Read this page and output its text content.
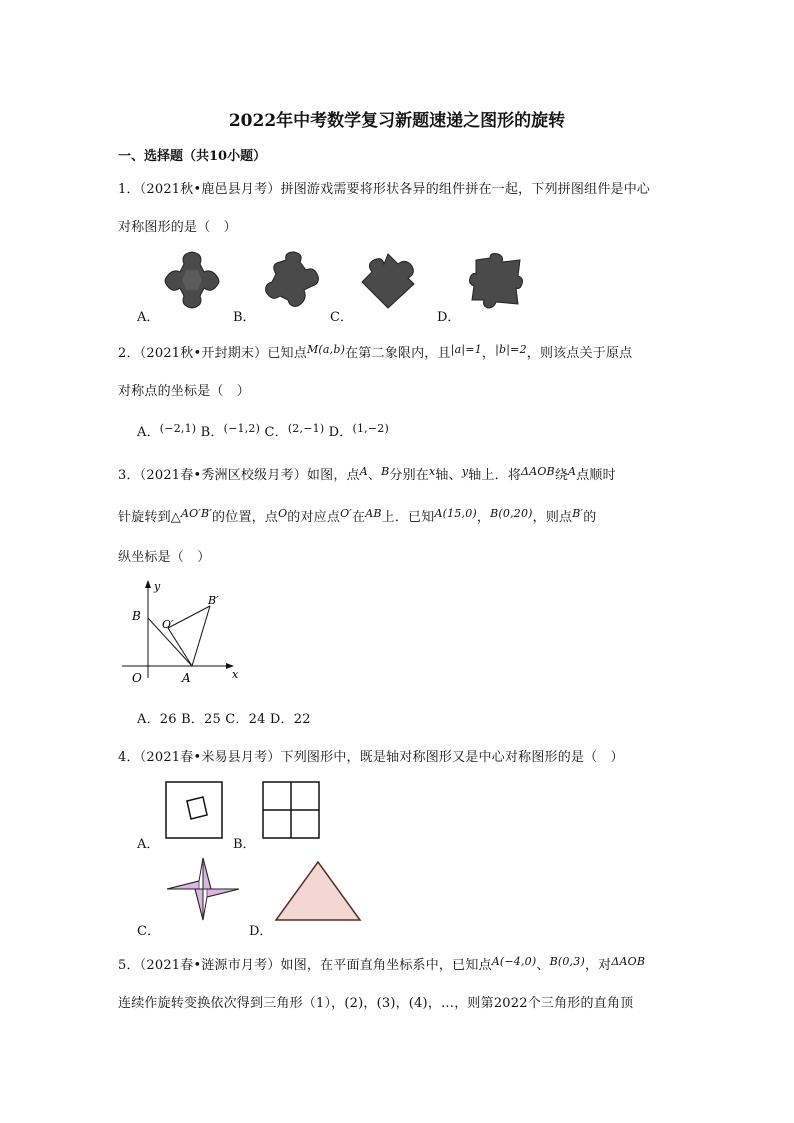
2022年中考数学复习新题速递之图形的旋转
一、选择题（共10小题）
1．（2021秋•鹿邑县月考）拼图游戏需要将形状各异的组件拼在一起，下列拼图组件是中心
对称图形的是（　）
A．	B．	C．	D．
2．（2021秋•开封期末）已知点$^{M(a,b)}$在第二象限内，且$^{|a|=1}$，$^{|b|=2}$，则该点关于原点
对称点的坐标是（　）
A．$^{(-2,1)}$ B．$^{(-1,2)}$ C．$^{(2,-1)}$ D．$^{(1,-2)}$
3．（2021春•秀洲区校级月考）如图，点$^A$、$^B$分别在$^x$轴、$^y$轴上．将$^{\Delta AOB}$绕$^A$点顺时
针旋转到△$^{AO'B'}$的位置，点$^O$的对应点$^{O'}$在$^{AB}$上．已知$^{A(15,0)}$，$^{B(0,20)}$，则点$^{B'}$的
纵坐标是（　）
y
B
O′
B′
O	A	x
A．26 B．25 C．24 D．22
4．（2021春•米易县月考）下列图形中，既是轴对称图形又是中心对称图形的是（　）
A．	B．
C．	D．
5．（2021春•涟源市月考）如图，在平面直角坐标系中，已知点$^{A(-4,0)}$、$^{B(0,3)}$，对$^{\Delta AOB}$
连续作旋转变换依次得到三角形（1），(2)，(3)，(4)，…，则第2022个三角形的直角顶
